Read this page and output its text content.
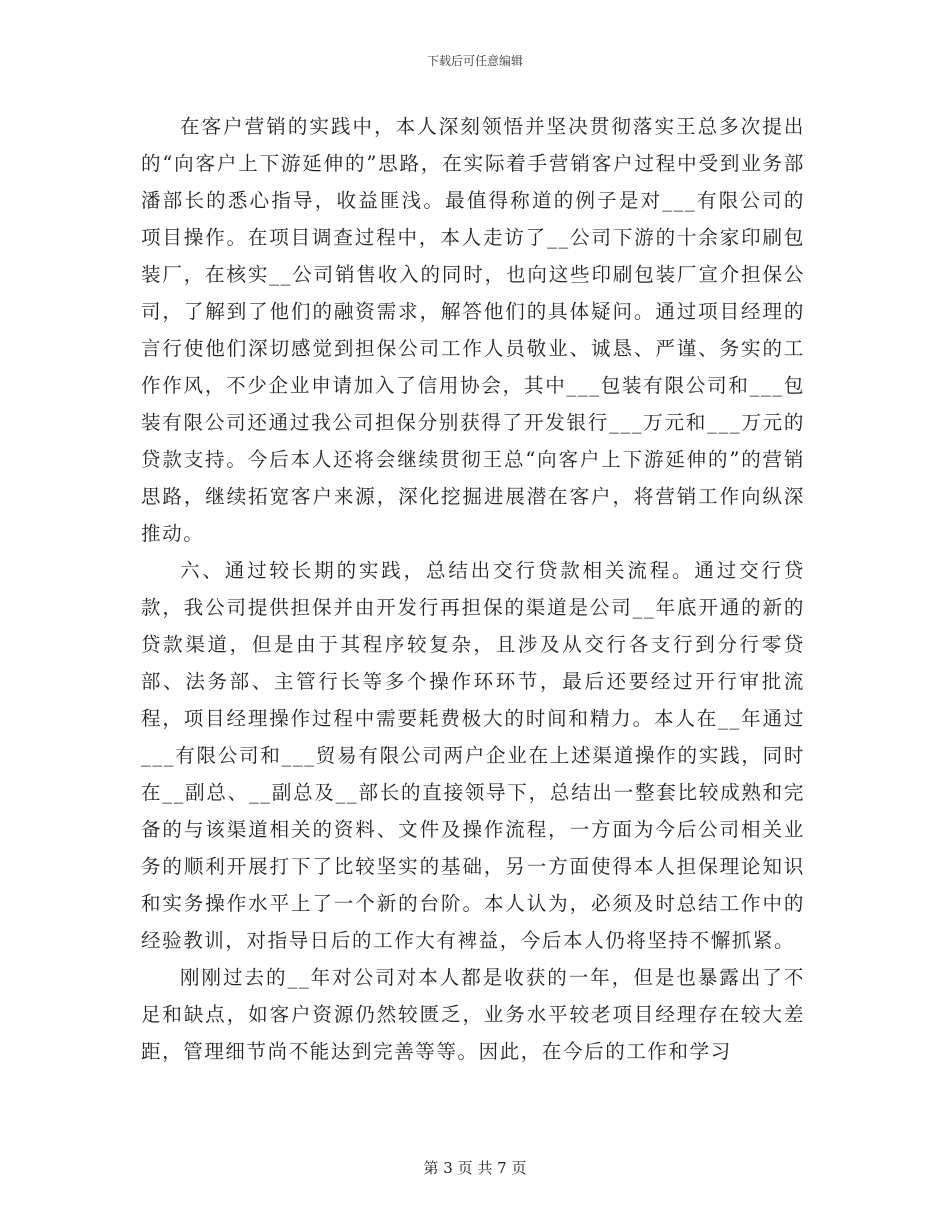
下载后可任意编辑

在客户营销的实践中，本人深刻领悟并坚决贯彻落实王总多次提出的“向客户上下游延伸的”思路，在实际着手营销客户过程中受到业务部潘部长的悉心指导，收益匪浅。最值得称道的例子是对___有限公司的项目操作。在项目调查过程中，本人走访了__公司下游的十余家印刷包装厂，在核实__公司销售收入的同时，也向这些印刷包装厂宣介担保公司，了解到了他们的融资需求，解答他们的具体疑问。通过项目经理的言行使他们深切感觉到担保公司工作人员敬业、诚恳、严谨、务实的工作作风，不少企业申请加入了信用协会，其中___包装有限公司和___包装有限公司还通过我公司担保分别获得了开发银行___万元和___万元的贷款支持。今后本人还将会继续贯彻王总“向客户上下游延伸的”的营销思路，继续拓宽客户来源，深化挖掘进展潜在客户，将营销工作向纵深推动。

六、通过较长期的实践，总结出交行贷款相关流程。通过交行贷款，我公司提供担保并由开发行再担保的渠道是公司__年底开通的新的贷款渠道，但是由于其程序较复杂，且涉及从交行各支行到分行零贷部、法务部、主管行长等多个操作环环节，最后还要经过开行审批流程，项目经理操作过程中需要耗费极大的时间和精力。本人在__年通过___有限公司和___贸易有限公司两户企业在上述渠道操作的实践，同时在__副总、__副总及__部长的直接领导下，总结出一整套比较成熟和完备的与该渠道相关的资料、文件及操作流程，一方面为今后公司相关业务的顺利开展打下了比较坚实的基础，另一方面使得本人担保理论知识和实务操作水平上了一个新的台阶。本人认为，必须及时总结工作中的经验教训，对指导日后的工作大有裨益，今后本人仍将坚持不懈抓紧。

刚刚过去的__年对公司对本人都是收获的一年，但是也暴露出了不足和缺点，如客户资源仍然较匮乏，业务水平较老项目经理存在较大差距，管理细节尚不能达到完善等等。因此，在今后的工作和学习

第 3 页 共 7 页
